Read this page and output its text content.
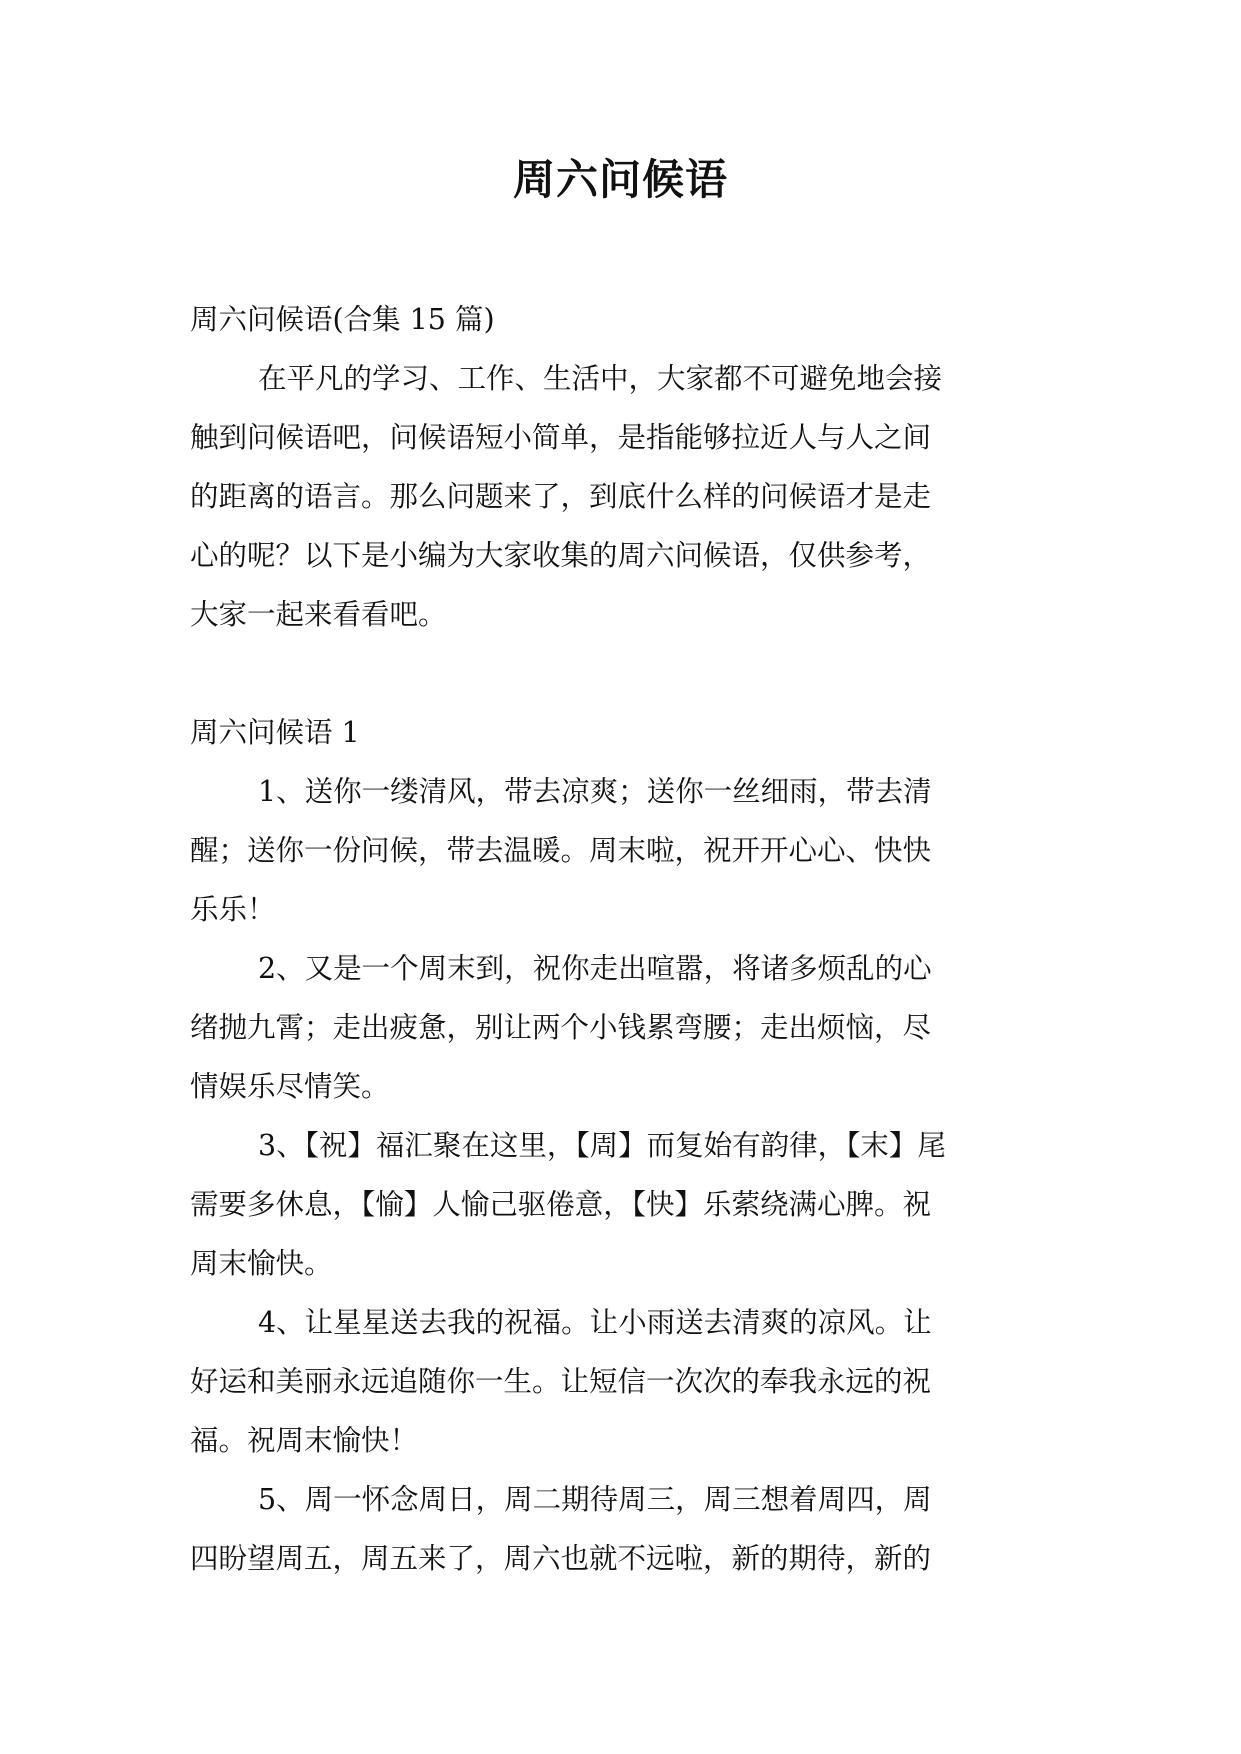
周六问候语
周六问候语(合集 15 篇)
在平凡的学习、工作、生活中，大家都不可避免地会接
触到问候语吧，问候语短小简单，是指能够拉近人与人之间
的距离的语言。那么问题来了，到底什么样的问候语才是走
心的呢？以下是小编为大家收集的周六问候语，仅供参考，
大家一起来看看吧。
周六问候语 1
1、送你一缕清风，带去凉爽；送你一丝细雨，带去清
醒；送你一份问候，带去温暖。周末啦，祝开开心心、快快
乐乐！
2、又是一个周末到，祝你走出喧嚣，将诸多烦乱的心
绪抛九霄；走出疲惫，别让两个小钱累弯腰；走出烦恼，尽
情娱乐尽情笑。
3、【祝】福汇聚在这里，【周】而复始有韵律，【末】尾
需要多休息，【愉】人愉己驱倦意，【快】乐萦绕满心脾。祝
周末愉快。
4、让星星送去我的祝福。让小雨送去清爽的凉风。让
好运和美丽永远追随你一生。让短信一次次的奉我永远的祝
福。祝周末愉快！
5、周一怀念周日，周二期待周三，周三想着周四，周
四盼望周五，周五来了，周六也就不远啦，新的期待，新的
